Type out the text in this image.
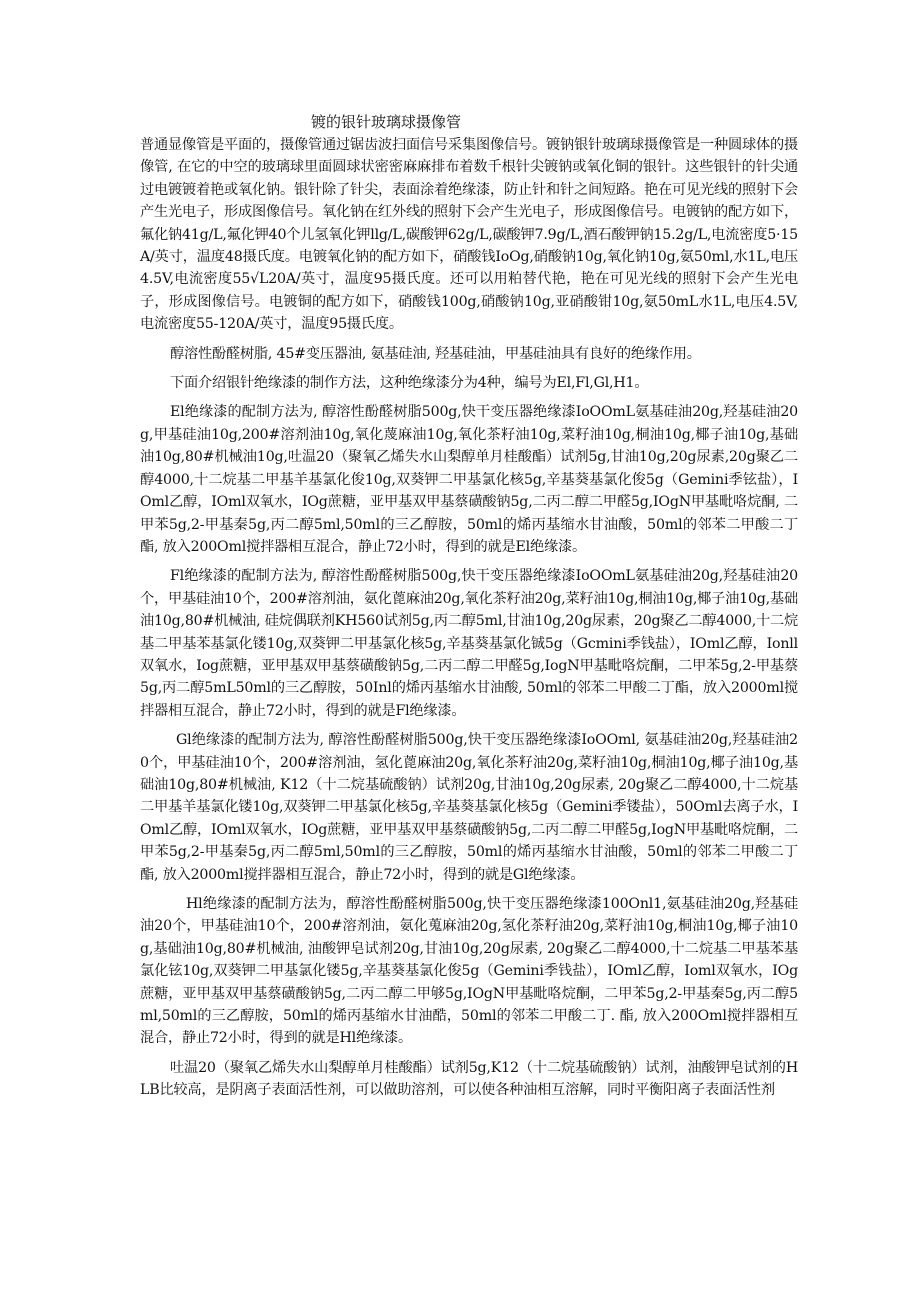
镀的银针玻璃球摄像管

普通显像管是平面的，摄像管通过锯齿波扫面信号采集图像信号。镀钠银针玻璃球摄像管是一种圆球体的摄像管, 在它的中空的玻璃球里面圆球状密密麻麻排布着数千根针尖镀钠或氧化铜的银针。这些银针的针尖通过电镀镀着艳或氧化钠。银针除了针尖，表面涂着绝缘漆，防止针和针之间短路。艳在可见光线的照射下会产生光电子，形成图像信号。氧化钠在红外线的照射下会产生光电子，形成图像信号。电镀钠的配方如下，氟化钠41g∕L,氟化钾40个儿氢氧化钾llg∕L,碳酸钾62g∕L,碳酸钾7.9g∕L,酒石酸钾钠15.2g∕L,电流密度5·15A∕英寸，温度48摄氏度。电镀氧化钠的配方如下，硝酸钱IoOg,硝酸钠10g,氧化钠10g,氨50ml,水1L,电压4.5V,电流密度55√L20A/英寸，温度95摄氏度。还可以用粕替代艳，艳在可见光线的照射下会产生光电子，形成图像信号。电镀铜的配方如下，硝酸钱100g,硝酸钠10g,亚硝酸钳10g,氨50mL水1L,电压4.5V,电流密度55-120A/英寸，温度95摄氏度。

醇溶性酚醛树脂, 45#变压器油, 氨基硅油, 羟基硅油，甲基硅油具有良好的绝缘作用。

下面介绍银针绝缘漆的制作方法，这种绝缘漆分为4种，编号为El,Fl,Gl,H1。

El绝缘漆的配制方法为, 醇溶性酚醛树脂500g,快干变压器绝缘漆IoOOmL氨基硅油20g,羟基硅油20g,甲基硅油10g,200#溶剂油10g,氧化蔑麻油10g,氧化茶籽油10g,菜籽油10g,桐油10g,椰子油10g,基础油10g,80#机械油10g,吐温20（聚氧乙烯失水山梨醇单月桂酸酯）试剂5g,甘油10g,20g尿素,20g聚乙二醇4000,十二烷基二甲基羊基氯化俊10g,双葵钾二甲基氯化核5g,辛基葵基氯化俊5g（Gemini季铉盐），IOml乙醇，IOml双氧水，IOg蔗糖，亚甲基双甲基蔡磺酸钠5g,二丙二醇二甲醛5g,IOgN甲基毗咯烷酮, 二甲苯5g,2-甲基秦5g,丙二醇5ml,50ml的三乙醇胺，50ml的烯丙基缩水甘油酸，50ml的邻苯二甲酸二丁酯, 放入200Oml搅拌器相互混合，静止72小时，得到的就是El绝缘漆。

Fl绝缘漆的配制方法为, 醇溶性酚醛树脂500g,快干变压器绝缘漆IoOOmL氨基硅油20g,羟基硅油20个，甲基硅油10个，200#溶剂油，氨化蓖麻油20g,氧化茶籽油20g,菜籽油10g,桐油10g,椰子油10g,基础油10g,80#机械油, 硅烷偶联剂KH560试剂5g,丙二醇5ml,甘油10g,20g尿素，20g聚乙二醇4000,十二烷基二甲基苯基氯化镂10g,双葵钾二甲基氯化核5g,辛基葵基氯化铖5g（Gcmini季钱盐），IOml乙醇，Ionll双氧水，Iog蔗糖，亚甲基双甲基蔡磺酸钠5g,二丙二醇二甲醛5g,IogN甲基毗咯烷酮，二甲苯5g,2-甲基蔡5g,丙二醇5mL50ml的三乙醇胺，50Inl的烯丙基缩水甘油酸, 50ml的邻苯二甲酸二丁酯，放入2000ml搅拌器相互混合，静止72小时，得到的就是Fl绝缘漆。

Gl绝缘漆的配制方法为, 醇溶性酚醛树脂500g,快干变压器绝缘漆IoOOml, 氨基硅油20g,羟基硅油20个，甲基硅油10个，200#溶剂油，氢化蓖麻油20g,氧化茶籽油20g,菜籽油10g,桐油10g,椰子油10g,基础油10g,80#机械油, K12（十二烷基硫酸钠）试剂20g,甘油10g,20g尿素, 20g聚乙二醇4000,十二烷基二甲基羊基氯化镂10g,双葵钾二甲基氯化核5g,辛基葵基氯化核5g（Gemini季镂盐），50Oml去离子水，IOml乙醇，IOml双氧水，IOg蔗糖，亚甲基双甲基蔡磺酸钠5g,二丙二醇二甲醛5g,IogN甲基毗咯烷酮，二甲苯5g,2-甲基秦5g,丙二醇5ml,50ml的三乙醇胺，50ml的烯丙基缩水甘油酸，50ml的邻苯二甲酸二丁酯, 放入2000ml搅拌器相互混合，静止72小时，得到的就是Gl绝缘漆。

Hl绝缘漆的配制方法为，醇溶性酚醛树脂500g,快干变压器绝缘漆100Onl1,氨基硅油20g,羟基硅油20个，甲基硅油10个，200#溶剂油，氨化蒐麻油20g,氢化茶籽油20g,菜籽油10g,桐油10g,椰子油10g,基础油10g,80#机械油, 油酸钾皂试剂20g,甘油10g,20g尿素, 20g聚乙二醇4000,十二烷基二甲基苯基氯化铉10g,双葵钾二甲基氯化镂5g,辛基葵基氯化俊5g（Gemini季钱盐），IOml乙醇，Ioml双氧水，IOg蔗糖，亚甲基双甲基蔡磺酸钠5g,二丙二醇二甲够5g,IOgN甲基毗咯烷酮，二甲苯5g,2-甲基秦5g,丙二醇5ml,50ml的三乙醇胺，50ml的烯丙基缩水甘油酷，50ml的邻苯二甲酸二丁. 酯, 放入200Oml搅拌器相互混合，静止72小时，得到的就是Hl绝缘漆。

吐温20（聚氧乙烯失水山梨醇单月桂酸酯）试剂5g,K12（十二烷基硫酸钠）试剂，油酸钾皂试剂的HLB比较高，是阴离子表面活性剂，可以做助溶剂，可以使各种油相互溶解，同时平衡阳离子表面活性剂
